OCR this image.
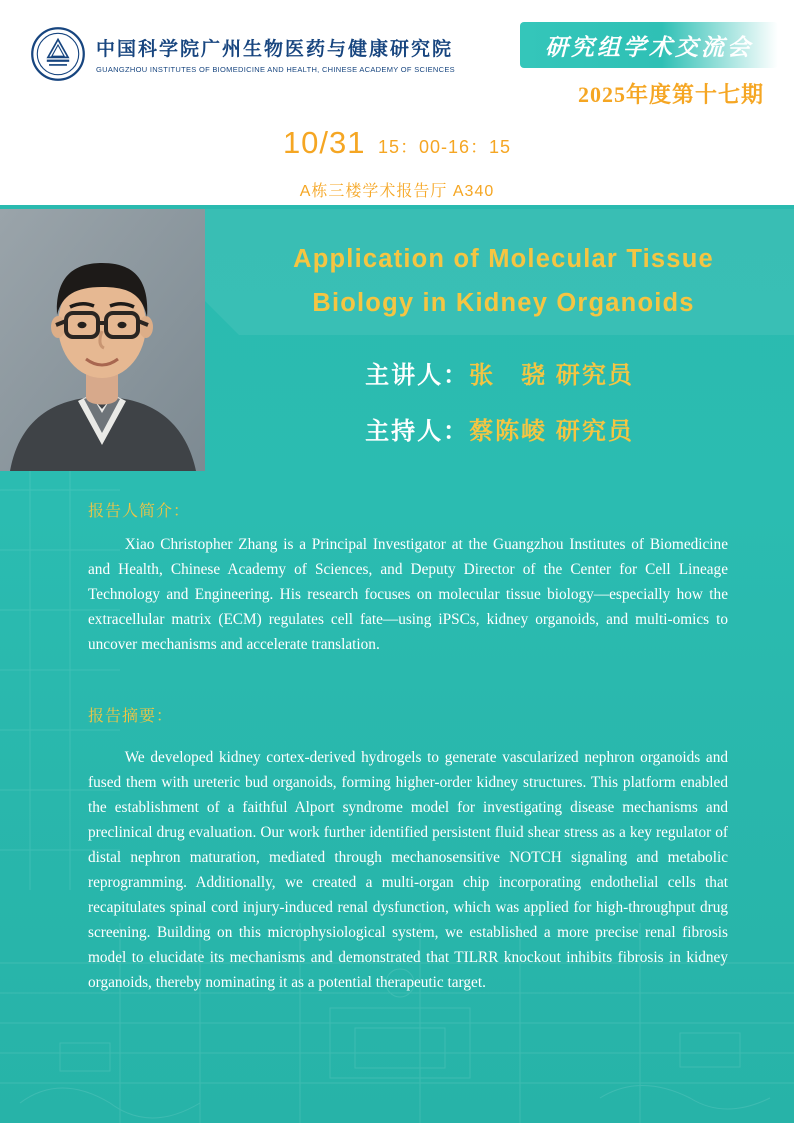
中国科学院广州生物医药与健康研究院
GUANGZHOU INSTITUTES OF BIOMEDICINE AND HEALTH, CHINESE ACADEMY OF SCIENCES
研究组学术交流会
2025年度第十七期
10/31 15：00-16：15
A栋三楼学术报告厅 A340
Application of Molecular Tissue
Biology in Kidney Organoids
主讲人：张　骁 研究员
主持人：蔡陈崚 研究员
报告人简介：
Xiao Christopher Zhang is a Principal Investigator at the Guangzhou Institutes of Biomedicine and Health, Chinese Academy of Sciences, and Deputy Director of the Center for Cell Lineage Technology and Engineering. His research focuses on molecular tissue biology—especially how the extracellular matrix (ECM) regulates cell fate—using iPSCs, kidney organoids, and multi-omics to uncover mechanisms and accelerate translation.
报告摘要：
We developed kidney cortex-derived hydrogels to generate vascularized nephron organoids and fused them with ureteric bud organoids, forming higher-order kidney structures. This platform enabled the establishment of a faithful Alport syndrome model for investigating disease mechanisms and preclinical drug evaluation. Our work further identified persistent fluid shear stress as a key regulator of distal nephron maturation, mediated through mechanosensitive NOTCH signaling and metabolic reprogramming. Additionally, we created a multi-organ chip incorporating endothelial cells that recapitulates spinal cord injury-induced renal dysfunction, which was applied for high-throughput drug screening. Building on this microphysiological system, we established a more precise renal fibrosis model to elucidate its mechanisms and demonstrated that TILRR knockout inhibits fibrosis in kidney organoids, thereby nominating it as a potential therapeutic target.
